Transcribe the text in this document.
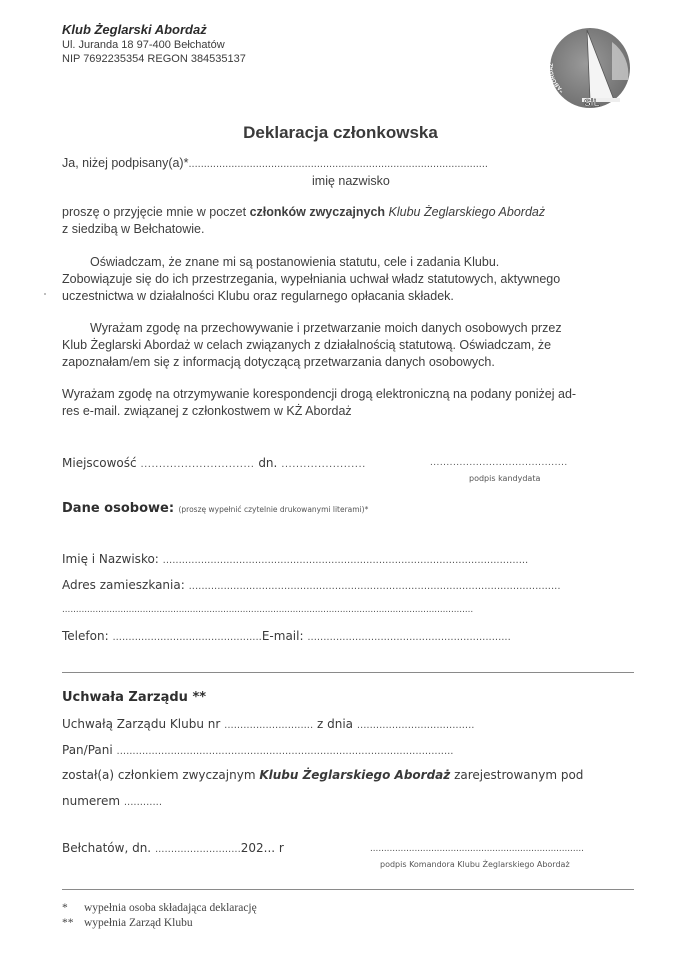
Klub Żeglarski Abordaż
Ul. Juranda 18 97-400 Bełchatów
NIP 7692235354 REGON 384535137
KLUB ŻEGLARSKI
"ABORDAŻ"
SiL
Deklaracja członkowska
Ja, niżej podpisany(a)*..................................................................................................
imię nazwisko
proszę o przyjęcie mnie w poczet członków zwyczajnych Klubu Żeglarskiego Abordaż
z siedzibą w Bełchatowie.
Oświadczam, że znane mi są postanowienia statutu, cele i zadania Klubu.
Zobowiązuje się do ich przestrzegania, wypełniania uchwał władz statutowych, aktywnego
uczestnictwa w działalności Klubu oraz regularnego opłacania składek.
Wyrażam zgodę na przechowywanie i przetwarzanie moich danych osobowych przez
Klub Żeglarski Abordaż w celach związanych z działalnością statutową. Oświadczam, że
zapoznałam/em się z informacją dotyczącą przetwarzania danych osobowych.
Wyrażam zgodę na otrzymywanie korespondencji drogą elektroniczną na podany poniżej ad-
res e-mail. związanej z członkostwem w KŻ Abordaż
Miejscowość ............................... dn. .......................	..........................................
podpis kandydata
Dane osobowe: (proszę wypełnić czytelnie drukowanymi literami)*
Imię i Nazwisko: ...................................................................................................................
Adres zamieszkania: .....................................................................................................................
....................................................................................................................................................
Telefon: ...............................................E-mail: ................................................................
Uchwała Zarządu **
Uchwałą Zarządu Klubu nr ............................ z dnia .....................................
Pan/Pani ..........................................................................................................
został(a) członkiem zwyczajnym Klubu Żeglarskiego Abordaż zarejestrowanym pod
numerem ............
Bełchatów, dn. ...........................202... r	.............................................................................
podpis Komandora Klubu Żeglarskiego Abordaż
* wypełnia osoba składająca deklarację
** wypełnia Zarząd Klubu
